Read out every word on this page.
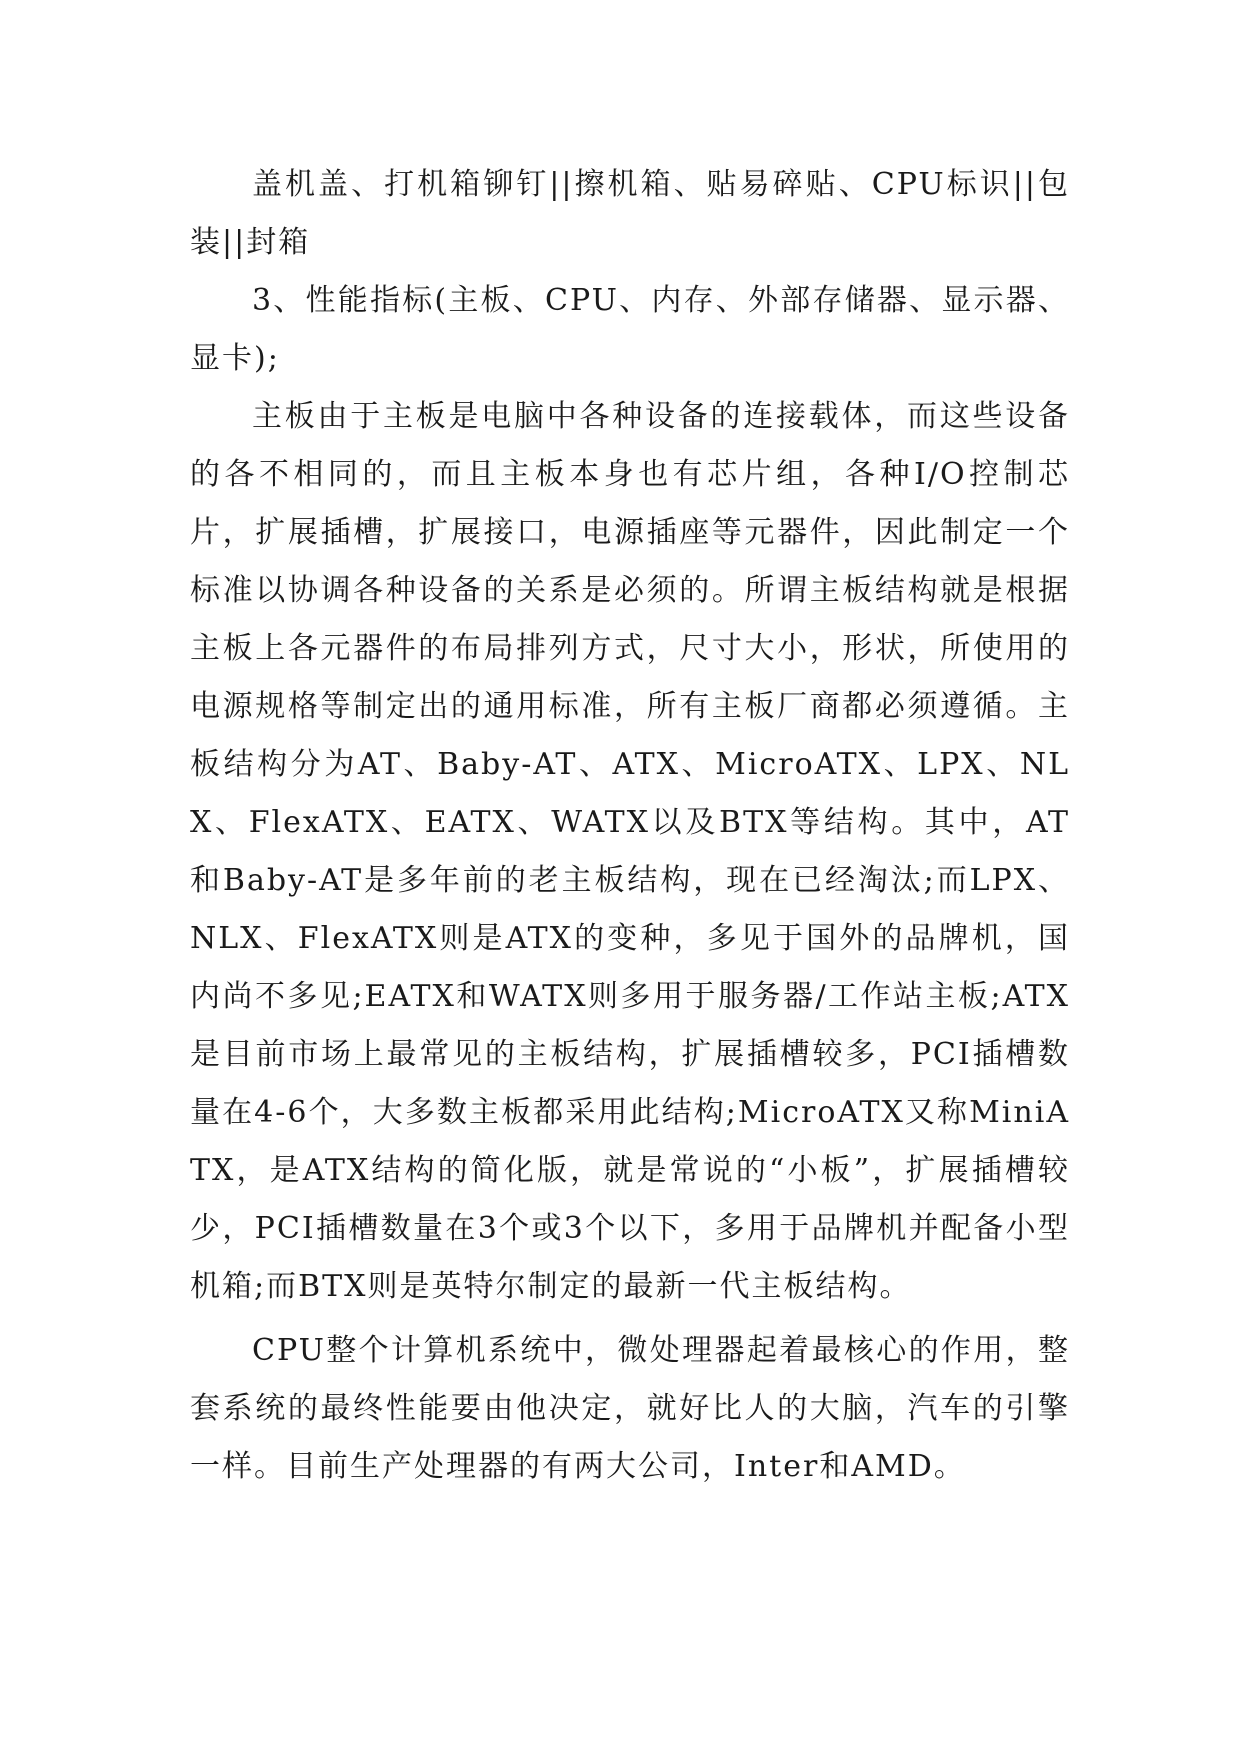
盖机盖、打机箱铆钉||擦机箱、贴易碎贴、CPU标识||包装||封箱

3、性能指标(主板、CPU、内存、外部存储器、显示器、显卡);

主板由于主板是电脑中各种设备的连接载体，而这些设备的各不相同的，而且主板本身也有芯片组，各种I/O控制芯片，扩展插槽，扩展接口，电源插座等元器件，因此制定一个标准以协调各种设备的关系是必须的。所谓主板结构就是根据主板上各元器件的布局排列方式，尺寸大小，形状，所使用的电源规格等制定出的通用标准，所有主板厂商都必须遵循。主板结构分为AT、Baby-AT、ATX、MicroATX、LPX、NLX、FlexATX、EATX、WATX以及BTX等结构。其中，AT和Baby-AT是多年前的老主板结构，现在已经淘汰;而LPX、NLX、FlexATX则是ATX的变种，多见于国外的品牌机，国内尚不多见;EATX和WATX则多用于服务器/工作站主板;ATX是目前市场上最常见的主板结构，扩展插槽较多，PCI插槽数量在4-6个，大多数主板都采用此结构;MicroATX又称MiniATX，是ATX结构的简化版，就是常说的“小板”，扩展插槽较少，PCI插槽数量在3个或3个以下，多用于品牌机并配备小型机箱;而BTX则是英特尔制定的最新一代主板结构。

CPU整个计算机系统中，微处理器起着最核心的作用，整套系统的最终性能要由他决定，就好比人的大脑，汽车的引擎一样。目前生产处理器的有两大公司，Inter和AMD。
